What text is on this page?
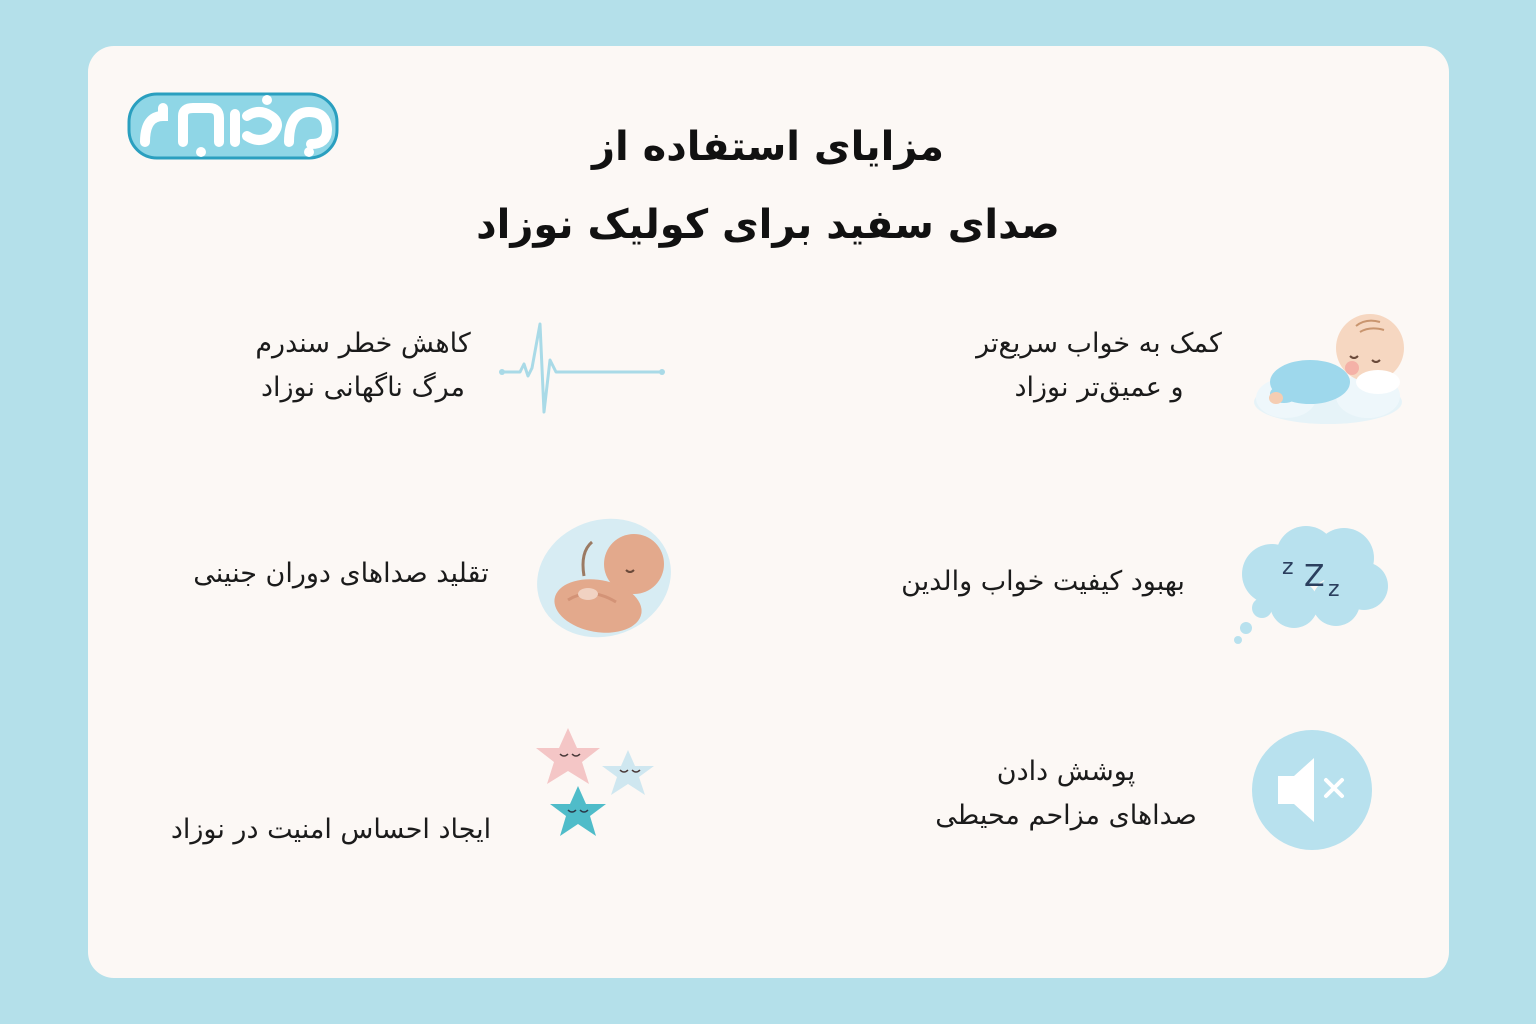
مزایای استفاده از
صدای سفید برای کولیک نوزاد
کمک به خواب سریع‌تر
و عمیق‌تر نوزاد
کاهش خطر سندرم
مرگ ناگهانی نوزاد
z Z z
بهبود کیفیت خواب والدین
تقلید صداهای دوران جنینی
پوشش دادن
صداهای مزاحم محیطی
ایجاد احساس امنیت در نوزاد
